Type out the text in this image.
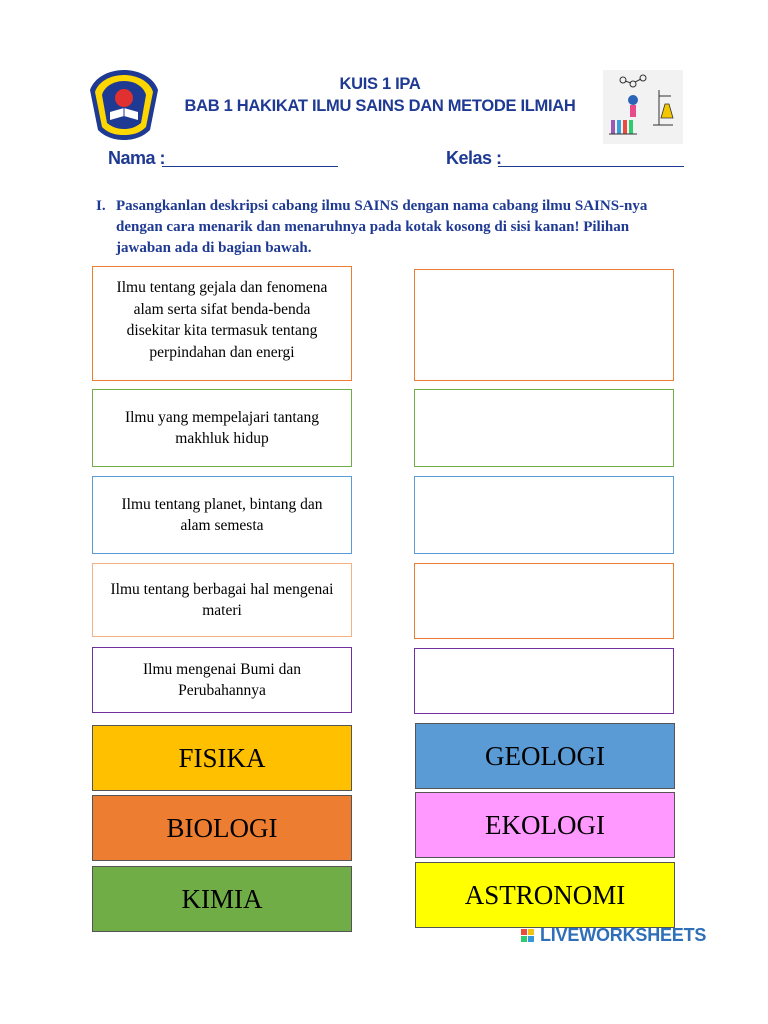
KUIS 1 IPA
BAB 1 HAKIKAT ILMU SAINS DAN METODE ILMIAH
Nama :	Kelas :
I. Pasangkanlan deskripsi cabang ilmu SAINS dengan nama cabang ilmu SAINS-nya dengan cara menarik dan menaruhnya pada kotak kosong di sisi kanan! Pilihan jawaban ada di bagian bawah.
Ilmu tentang gejala dan fenomena alam serta sifat benda-benda disekitar kita termasuk tentang perpindahan dan energi
Ilmu yang mempelajari tantang makhluk hidup
Ilmu tentang planet, bintang dan alam semesta
Ilmu tentang berbagai hal mengenai materi
Ilmu mengenai Bumi dan Perubahannya
FISIKA	GEOLOGI
BIOLOGI	EKOLOGI
KIMIA	ASTRONOMI
LIVEWORKSHEETS
